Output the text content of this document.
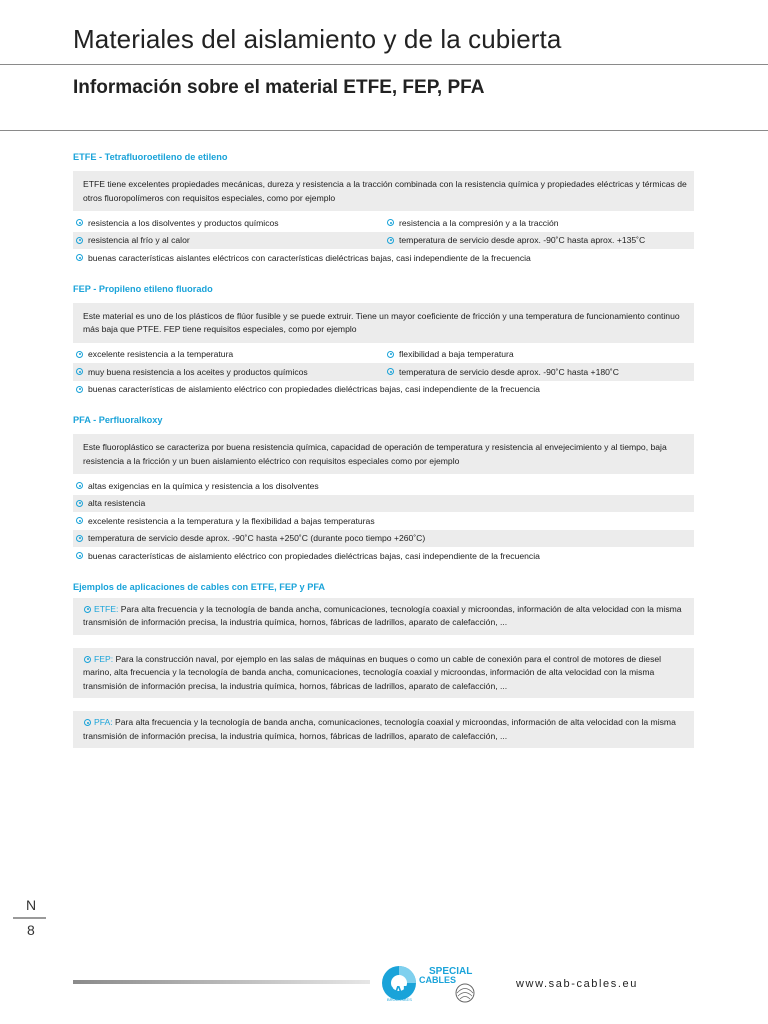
Materiales del aislamiento y de la cubierta
Información sobre el material ETFE, FEP, PFA
ETFE - Tetrafluoroetileno de etileno
ETFE tiene excelentes propiedades mecánicas, dureza y resistencia a la tracción combinada con la resistencia química y propiedades eléctricas y térmicas de otros fluoropolímeros con requisitos especiales, como por ejemplo
resistencia a los disolventes y productos químicos	resistencia a la compresión y a la tracción
resistencia al frío y al calor	temperatura de servicio desde aprox. -90˚C hasta aprox. +135˚C
buenas características aislantes eléctricos con características dieléctricas bajas, casi independiente de la frecuencia
FEP - Propileno etileno fluorado
Este material es uno de los plásticos de flúor fusible y se puede extruir. Tiene un mayor coeficiente de fricción y una temperatura de funcionamiento continuo más baja que PTFE. FEP tiene requisitos especiales, como por ejemplo
excelente resistencia a la temperatura	flexibilidad a baja temperatura
muy buena resistencia a los aceites y productos químicos	temperatura de servicio desde aprox. -90˚C hasta +180˚C
buenas características de aislamiento eléctrico con propiedades dieléctricas bajas, casi independiente de la frecuencia
PFA - Perfluoralkoxy
Este fluoroplástico se caracteriza por buena resistencia química, capacidad de operación de temperatura y resistencia al envejecimiento y al tiempo, baja resistencia a la fricción y un buen aislamiento eléctrico con requisitos especiales como por ejemplo
altas exigencias en la química y resistencia a los disolventes
alta resistencia
excelente resistencia a la temperatura y la flexibilidad a bajas temperaturas
temperatura de servicio desde aprox. -90˚C hasta +250˚C (durante poco tiempo +260˚C)
buenas características de aislamiento eléctrico con propiedades dieléctricas bajas, casi independiente de la frecuencia
Ejemplos de aplicaciones de cables con ETFE, FEP y PFA
ETFE: Para alta frecuencia y la tecnología de banda ancha, comunicaciones, tecnología coaxial y microondas, información de alta velocidad con la misma transmisión de información precisa, la industria química, hornos, fábricas de ladrillos, aparato de calefacción, ...
FEP: Para la construcción naval, por ejemplo en las salas de máquinas en buques o como un cable de conexión para el control de motores de diesel marino, alta frecuencia y la tecnología de banda ancha, comunicaciones, tecnología coaxial y microondas, información de alta velocidad con la misma transmisión de información precisa, la industria química, hornos, fábricas de ladrillos, aparato de calefacción, ...
PFA: Para alta frecuencia y la tecnología de banda ancha, comunicaciones, tecnología coaxial y microondas, información de alta velocidad con la misma transmisión de información precisa, la industria química, hornos, fábricas de ladrillos, aparato de calefacción, ...
N
8
SPECIAL
CABLES
SAB
BRÖCKSKES
www.sab-cables.eu
